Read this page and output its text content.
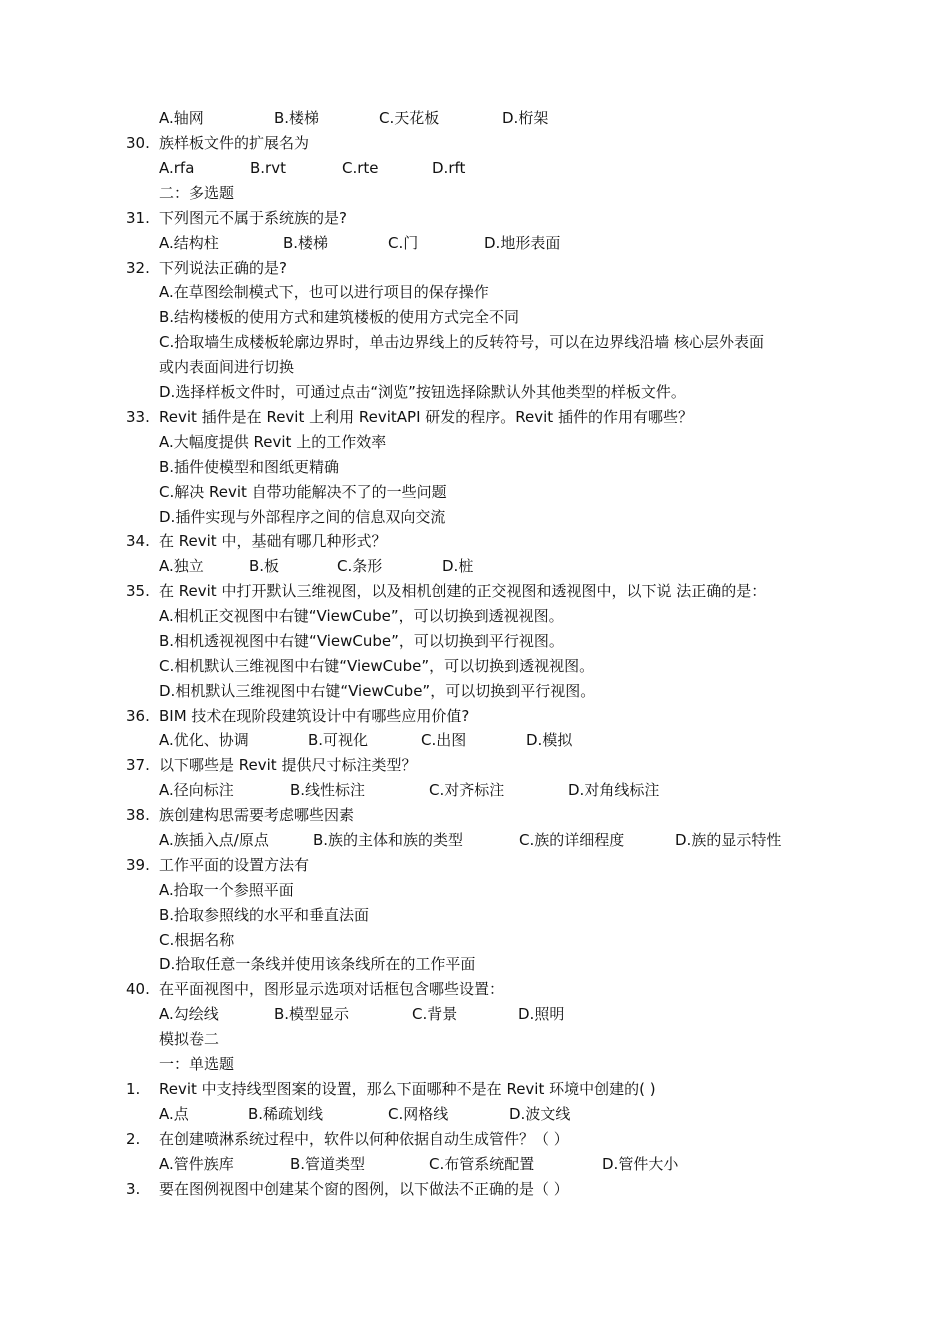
A.轴网	B.楼梯	C.天花板	D.桁架
30. 族样板文件的扩展名为
A.rfa	B.rvt	C.rte	D.rft
二：多选题
31. 下列图元不属于系统族的是?
A.结构柱	B.楼梯	C.门	D.地形表面
32. 下列说法正确的是?
A.在草图绘制模式下，也可以进行项目的保存操作
B.结构楼板的使用方式和建筑楼板的使用方式完全不同
C.拾取墙生成楼板轮廓边界时，单击边界线上的反转符号，可以在边界线沿墙 核心层外表面
或内表面间进行切换
D.选择样板文件时，可通过点击“浏览”按钮选择除默认外其他类型的样板文件。
33. Revit 插件是在 Revit 上利用 RevitAPI 研发的程序。Revit 插件的作用有哪些？
A.大幅度提供 Revit 上的工作效率
B.插件使模型和图纸更精确
C.解决 Revit 自带功能解决不了的一些问题
D.插件实现与外部程序之间的信息双向交流
34. 在 Revit 中，基础有哪几种形式？
A.独立	B.板	C.条形	D.桩
35. 在 Revit 中打开默认三维视图，以及相机创建的正交视图和透视图中，以下说 法正确的是：
A.相机正交视图中右键“ViewCube”，可以切换到透视视图。
B.相机透视视图中右键“ViewCube”，可以切换到平行视图。
C.相机默认三维视图中右键“ViewCube”，可以切换到透视视图。
D.相机默认三维视图中右键“ViewCube”，可以切换到平行视图。
36. BIM 技术在现阶段建筑设计中有哪些应用价值?
A.优化、协调	B.可视化	C.出图	D.模拟
37. 以下哪些是 Revit 提供尺寸标注类型？
A.径向标注	B.线性标注	C.对齐标注	D.对角线标注
38. 族创建构思需要考虑哪些因素
A.族插入点/原点	B.族的主体和族的类型	C.族的详细程度	D.族的显示特性
39. 工作平面的设置方法有
A.拾取一个参照平面
B.拾取参照线的水平和垂直法面
C.根据名称
D.拾取任意一条线并使用该条线所在的工作平面
40. 在平面视图中，图形显示选项对话框包含哪些设置：
A.勾绘线	B.模型显示	C.背景	D.照明
模拟卷二
一：单选题
1. Revit 中支持线型图案的设置，那么下面哪种不是在 Revit 环境中创建的( )
A.点	B.稀疏划线	C.网格线	D.波文线
2. 在创建喷淋系统过程中，软件以何种依据自动生成管件？（ ）
A.管件族库	B.管道类型	C.布管系统配置	D.管件大小
3. 要在图例视图中创建某个窗的图例，以下做法不正确的是（ ）
